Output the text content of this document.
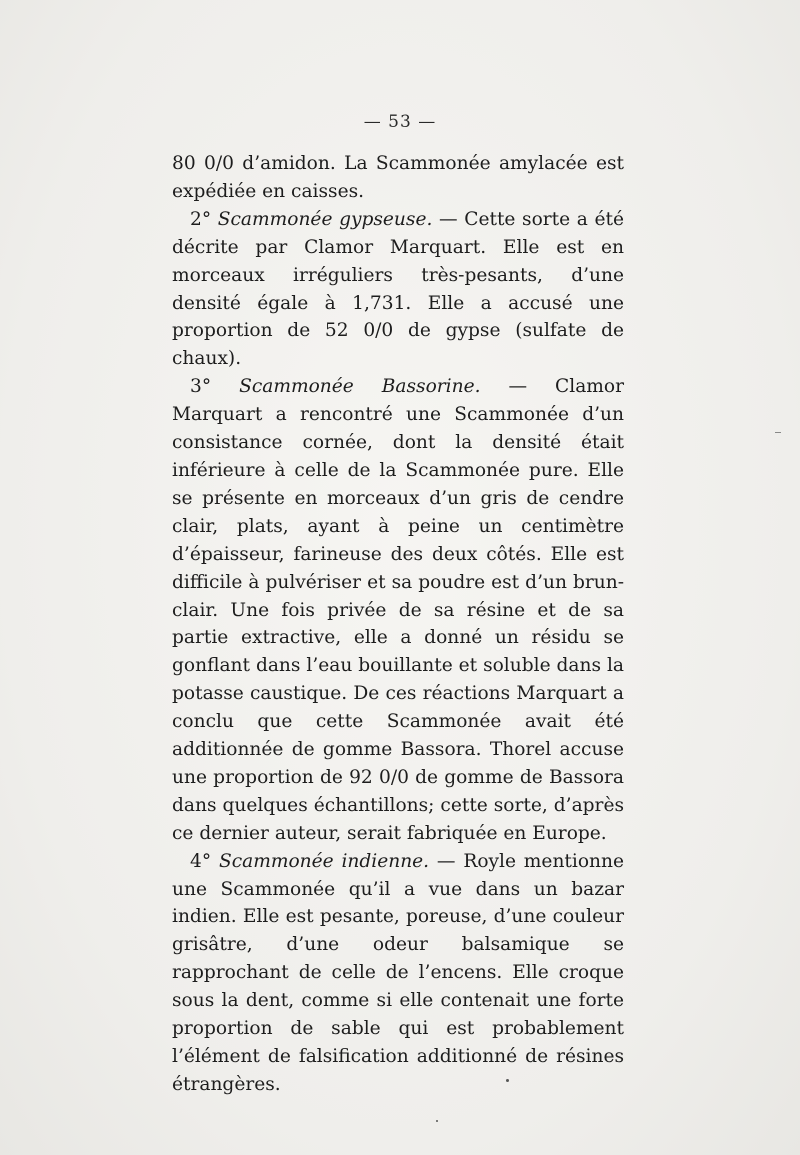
— 53 —

80 0/0 d’amidon. La Scammonée amylacée est expédiée en caisses.

2° Scammonée gypseuse. — Cette sorte a été décrite par Clamor Marquart. Elle est en morceaux irréguliers très-pesants, d’une densité égale à 1,731. Elle a accusé une proportion de 52 0/0 de gypse (sulfate de chaux).

3° Scammonée Bassorine. — Clamor Marquart a rencontré une Scammonée d’un consistance cornée, dont la densité était inférieure à celle de la Scammonée pure. Elle se présente en morceaux d’un gris de cendre clair, plats, ayant à peine un centimètre d’épaisseur, farineuse des deux côtés. Elle est difficile à pulvériser et sa poudre est d’un brun-clair. Une fois privée de sa résine et de sa partie extractive, elle a donné un résidu se gonflant dans l’eau bouillante et soluble dans la potasse caustique. De ces réactions Marquart a conclu que cette Scammonée avait été additionnée de gomme Bassora. Thorel accuse une proportion de 92 0/0 de gomme de Bassora dans quelques échantillons; cette sorte, d’après ce dernier auteur, serait fabriquée en Europe.

4° Scammonée indienne. — Royle mentionne une Scammonée qu’il a vue dans un bazar indien. Elle est pesante, poreuse, d’une couleur grisâtre, d’une odeur balsamique se rapprochant de celle de l’encens. Elle croque sous la dent, comme si elle contenait une forte proportion de sable qui est probablement l’élément de falsification additionné de résines étrangères.
